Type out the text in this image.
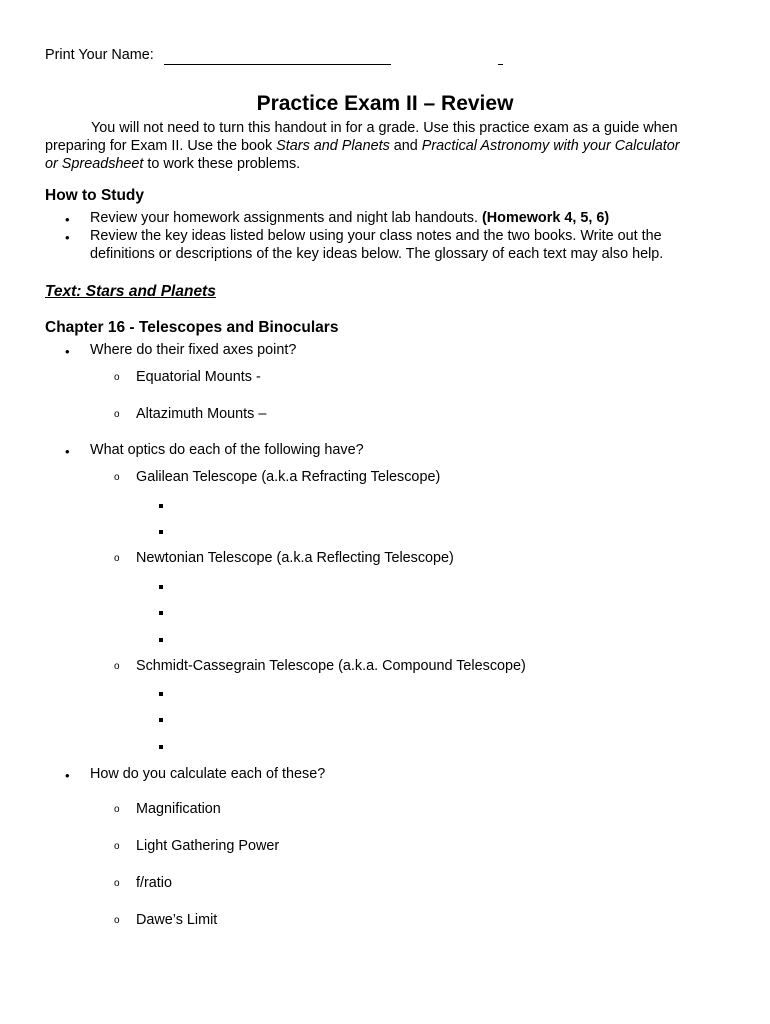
Print Your Name:
Practice Exam II – Review
You will not need to turn this handout in for a grade. Use this practice exam as a guide when
preparing for Exam II. Use the book Stars and Planets and Practical Astronomy with your Calculator
or Spreadsheet to work these problems.
How to Study
• Review your homework assignments and night lab handouts. (Homework 4, 5, 6)
• Review the key ideas listed below using your class notes and the two books. Write out the
definitions or descriptions of the key ideas below. The glossary of each text may also help.
Text: Stars and Planets
Chapter 16 - Telescopes and Binoculars
• Where do their fixed axes point?
o Equatorial Mounts -
o Altazimuth Mounts –
• What optics do each of the following have?
o Galilean Telescope (a.k.a Refracting Telescope)
o Newtonian Telescope (a.k.a Reflecting Telescope)
o Schmidt-Cassegrain Telescope (a.k.a. Compound Telescope)
• How do you calculate each of these?
o Magnification
o Light Gathering Power
o f/ratio
o Dawe’s Limit
